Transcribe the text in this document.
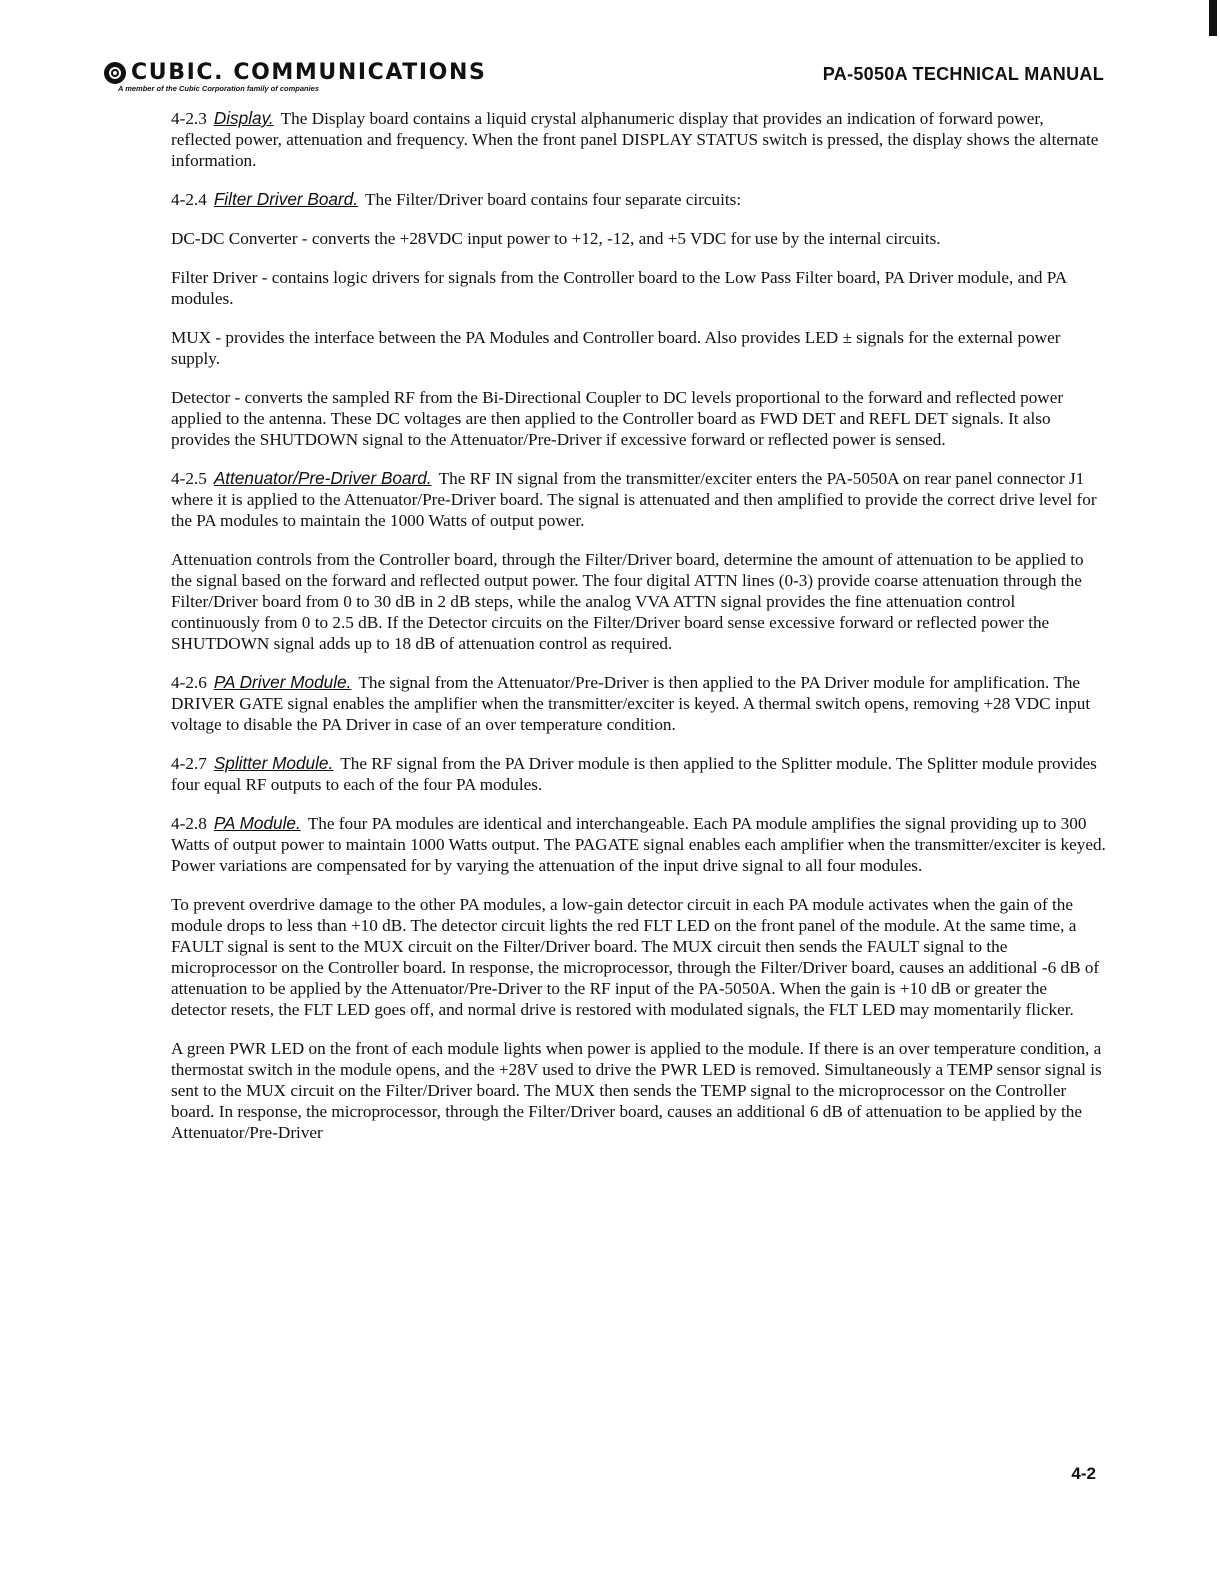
CUBIC. COMMUNICATIONS
A member of the Cubic Corporation family of companies
PA-5050A TECHNICAL MANUAL

4-2.3 Display. The Display board contains a liquid crystal alphanumeric display that provides an indication of forward power, reflected power, attenuation and frequency. When the front panel DISPLAY STATUS switch is pressed, the display shows the alternate information.

4-2.4 Filter Driver Board. The Filter/Driver board contains four separate circuits:

DC-DC Converter - converts the +28VDC input power to +12, -12, and +5 VDC for use by the internal circuits.

Filter Driver - contains logic drivers for signals from the Controller board to the Low Pass Filter board, PA Driver module, and PA modules.

MUX - provides the interface between the PA Modules and Controller board. Also provides LED ± signals for the external power supply.

Detector - converts the sampled RF from the Bi-Directional Coupler to DC levels proportional to the forward and reflected power applied to the antenna. These DC voltages are then applied to the Controller board as FWD DET and REFL DET signals. It also provides the SHUTDOWN signal to the Attenuator/Pre-Driver if excessive forward or reflected power is sensed.

4-2.5 Attenuator/Pre-Driver Board. The RF IN signal from the transmitter/exciter enters the PA-5050A on rear panel connector J1 where it is applied to the Attenuator/Pre-Driver board. The signal is attenuated and then amplified to provide the correct drive level for the PA modules to maintain the 1000 Watts of output power.

Attenuation controls from the Controller board, through the Filter/Driver board, determine the amount of attenuation to be applied to the signal based on the forward and reflected output power. The four digital ATTN lines (0-3) provide coarse attenuation through the Filter/Driver board from 0 to 30 dB in 2 dB steps, while the analog VVA ATTN signal provides the fine attenuation control continuously from 0 to 2.5 dB. If the Detector circuits on the Filter/Driver board sense excessive forward or reflected power the SHUTDOWN signal adds up to 18 dB of attenuation control as required.

4-2.6 PA Driver Module. The signal from the Attenuator/Pre-Driver is then applied to the PA Driver module for amplification. The DRIVER GATE signal enables the amplifier when the transmitter/exciter is keyed. A thermal switch opens, removing +28 VDC input voltage to disable the PA Driver in case of an over temperature condition.

4-2.7 Splitter Module. The RF signal from the PA Driver module is then applied to the Splitter module. The Splitter module provides four equal RF outputs to each of the four PA modules.

4-2.8 PA Module. The four PA modules are identical and interchangeable. Each PA module amplifies the signal providing up to 300 Watts of output power to maintain 1000 Watts output. The PAGATE signal enables each amplifier when the transmitter/exciter is keyed. Power variations are compensated for by varying the attenuation of the input drive signal to all four modules.

To prevent overdrive damage to the other PA modules, a low-gain detector circuit in each PA module activates when the gain of the module drops to less than +10 dB. The detector circuit lights the red FLT LED on the front panel of the module. At the same time, a FAULT signal is sent to the MUX circuit on the Filter/Driver board. The MUX circuit then sends the FAULT signal to the microprocessor on the Controller board. In response, the microprocessor, through the Filter/Driver board, causes an additional -6 dB of attenuation to be applied by the Attenuator/Pre-Driver to the RF input of the PA-5050A. When the gain is +10 dB or greater the detector resets, the FLT LED goes off, and normal drive is restored with modulated signals, the FLT LED may momentarily flicker.

A green PWR LED on the front of each module lights when power is applied to the module. If there is an over temperature condition, a thermostat switch in the module opens, and the +28V used to drive the PWR LED is removed. Simultaneously a TEMP sensor signal is sent to the MUX circuit on the Filter/Driver board. The MUX then sends the TEMP signal to the microprocessor on the Controller board. In response, the microprocessor, through the Filter/Driver board, causes an additional 6 dB of attenuation to be applied by the Attenuator/Pre-Driver

4-2
